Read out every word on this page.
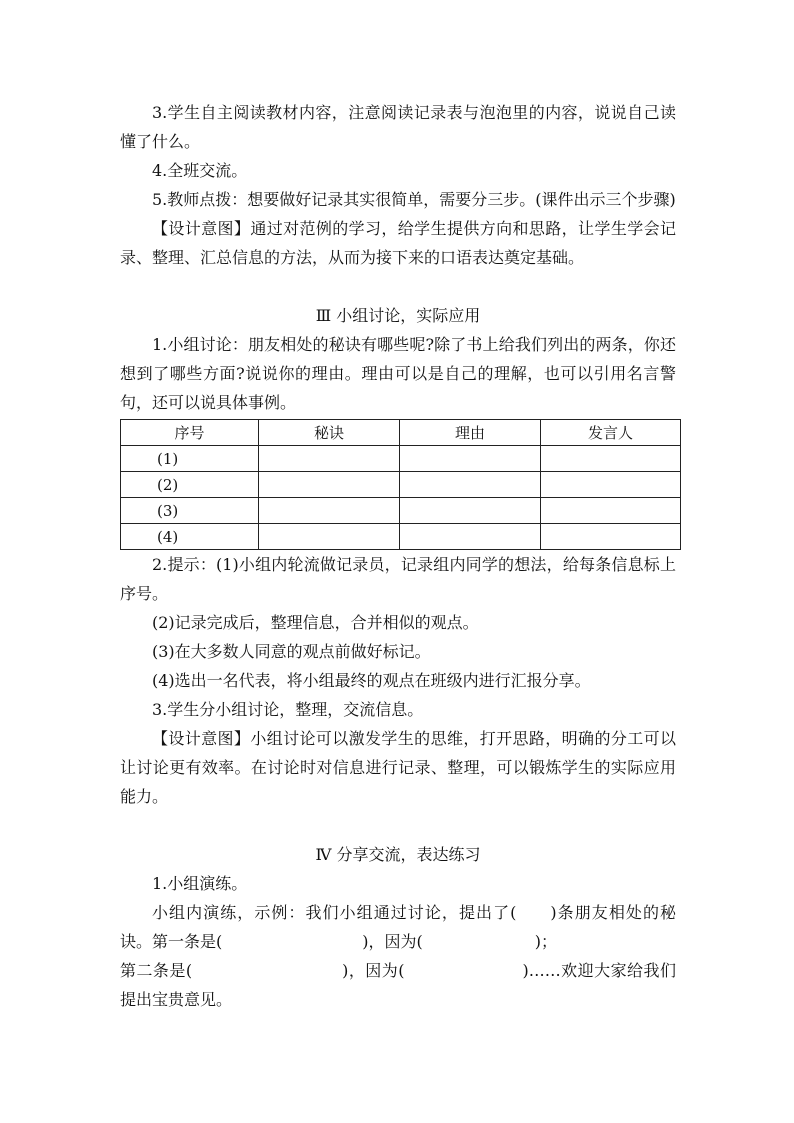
3.学生自主阅读教材内容，注意阅读记录表与泡泡里的内容，说说自己读懂了什么。

4.全班交流。

5.教师点拨：想要做好记录其实很简单，需要分三步。(课件出示三个步骤)

【设计意图】通过对范例的学习，给学生提供方向和思路，让学生学会记录、整理、汇总信息的方法，从而为接下来的口语表达奠定基础。

Ⅲ 小组讨论，实际应用

1.小组讨论：朋友相处的秘诀有哪些呢?除了书上给我们列出的两条，你还想到了哪些方面?说说你的理由。理由可以是自己的理解，也可以引用名言警句，还可以说具体事例。

序号	秘诀	理由	发言人
(1)			
(2)			
(3)			
(4)			

2.提示：(1)小组内轮流做记录员，记录组内同学的想法，给每条信息标上序号。

(2)记录完成后，整理信息，合并相似的观点。

(3)在大多数人同意的观点前做好标记。

(4)选出一名代表，将小组最终的观点在班级内进行汇报分享。

3.学生分小组讨论，整理，交流信息。

【设计意图】小组讨论可以激发学生的思维，打开思路，明确的分工可以让讨论更有效率。在讨论时对信息进行记录、整理，可以锻炼学生的实际应用能力。

Ⅳ 分享交流，表达练习

1.小组演练。

小组内演练，示例：我们小组通过讨论，提出了( )条朋友相处的秘诀。第一条是(	)，因为(	)；

第二条是(	)，因为(	)……欢迎大家给我们提出宝贵意见。
